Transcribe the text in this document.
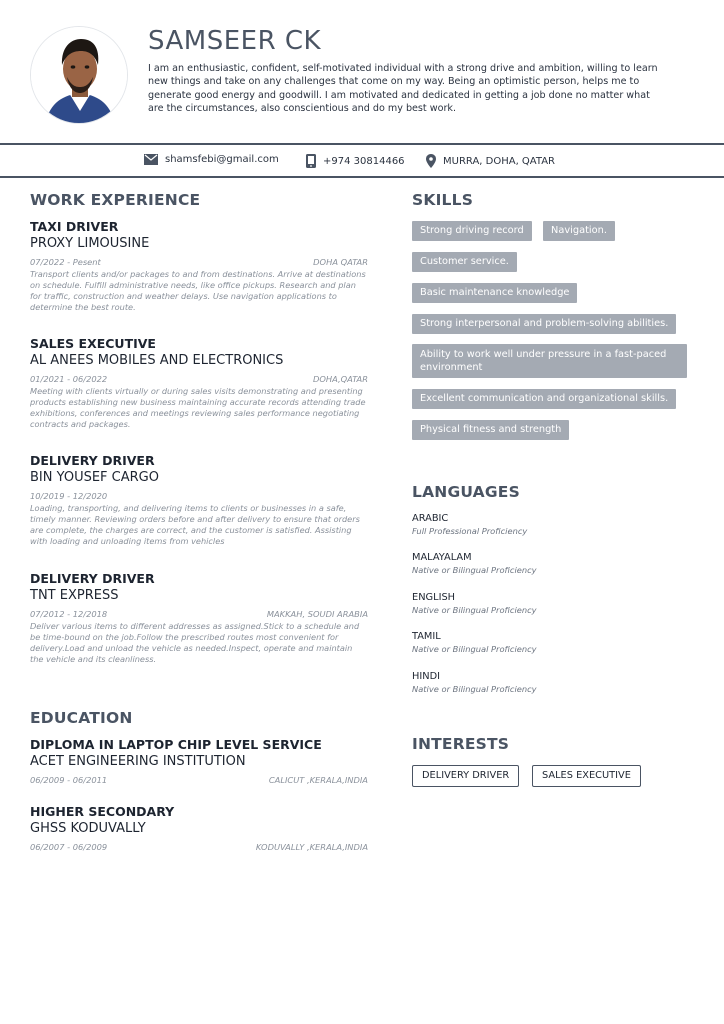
SAMSEER CK
I am an enthusiastic, confident, self-motivated individual with a strong drive and ambition, willing to learn new things and take on any challenges that come on my way. Being an optimistic person, helps me to generate good energy and goodwill. I am motivated and dedicated in getting a job done no matter what are the circumstances, also conscientious and do my best work.
shamsfebi@gmail.com	+974 30814466	MURRA, DOHA, QATAR
WORK EXPERIENCE
TAXI DRIVER
PROXY LIMOUSINE
07/2022 - Pesent	DOHA QATAR
Transport clients and/or packages to and from destinations. Arrive at destinations on schedule. Fulfill administrative needs, like office pickups. Research and plan for traffic, construction and weather delays. Use navigation applications to determine the best route.
SALES EXECUTIVE
AL ANEES MOBILES AND ELECTRONICS
01/2021 - 06/2022	DOHA,QATAR
Meeting with clients virtually or during sales visits demonstrating and presenting products establishing new business maintaining accurate records attending trade exhibitions, conferences and meetings reviewing sales performance negotiating contracts and packages.
DELIVERY DRIVER
BIN YOUSEF CARGO
10/2019 - 12/2020
Loading, transporting, and delivering items to clients or businesses in a safe, timely manner. Reviewing orders before and after delivery to ensure that orders are complete, the charges are correct, and the customer is satisfied. Assisting with loading and unloading items from vehicles
DELIVERY DRIVER
TNT EXPRESS
07/2012 - 12/2018	MAKKAH, SOUDI ARABIA
Deliver various items to different addresses as assigned.Stick to a schedule and be time-bound on the job.Follow the prescribed routes most convenient for delivery.Load and unload the vehicle as needed.Inspect, operate and maintain the vehicle and its cleanliness.
EDUCATION
DIPLOMA IN LAPTOP CHIP LEVEL SERVICE
ACET ENGINEERING INSTITUTION
06/2009 - 06/2011	CALICUT ,KERALA,INDIA
HIGHER SECONDARY
GHSS KODUVALLY
06/2007 - 06/2009	KODUVALLY ,KERALA,INDIA
SKILLS
Strong driving record	Navigation.
Customer service.
Basic maintenance knowledge
Strong interpersonal and problem-solving abilities.
Ability to work well under pressure in a fast-paced environment
Excellent communication and organizational skills.
Physical fitness and strength
LANGUAGES
ARABIC
Full Professional Proficiency
MALAYALAM
Native or Bilingual Proficiency
ENGLISH
Native or Bilingual Proficiency
TAMIL
Native or Bilingual Proficiency
HINDI
Native or Bilingual Proficiency
INTERESTS
DELIVERY DRIVER	SALES EXECUTIVE
